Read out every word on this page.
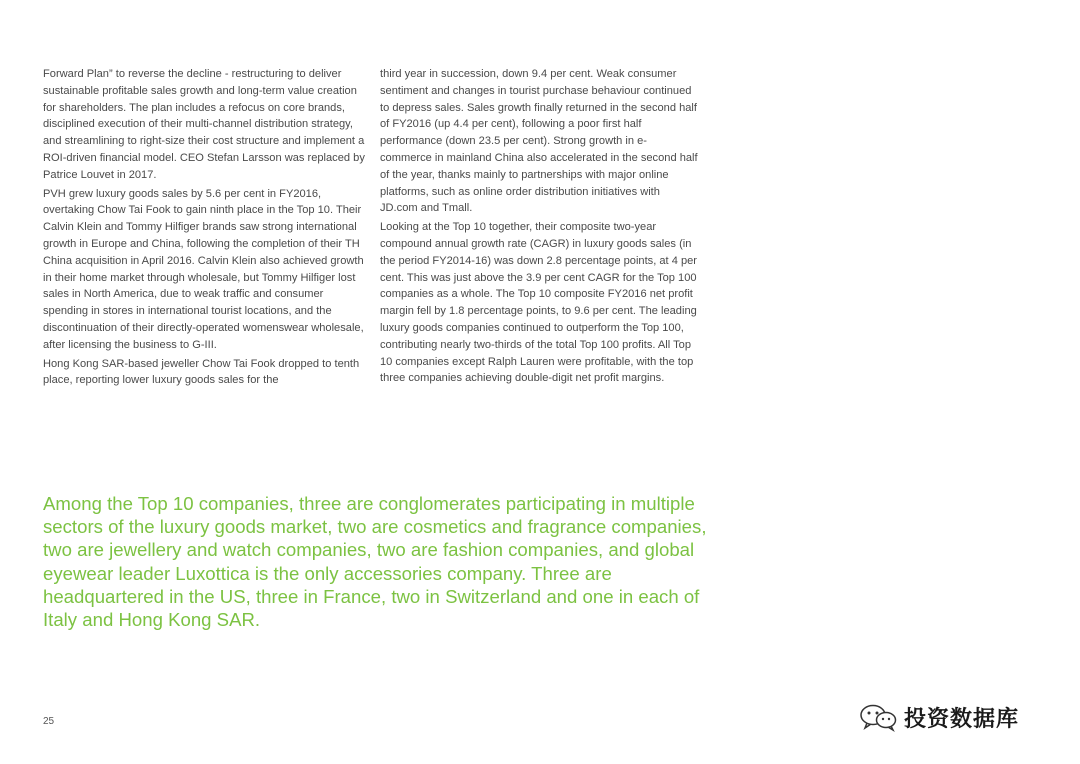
Forward Plan” to reverse the decline - restructuring to deliver sustainable profitable sales growth and long-term value creation for shareholders. The plan includes a refocus on core brands, disciplined execution of their multi-channel distribution strategy, and streamlining to right-size their cost structure and implement a ROI-driven financial model. CEO Stefan Larsson was replaced by Patrice Louvet in 2017.

PVH grew luxury goods sales by 5.6 per cent in FY2016, overtaking Chow Tai Fook to gain ninth place in the Top 10. Their Calvin Klein and Tommy Hilfiger brands saw strong international growth in Europe and China, following the completion of their TH China acquisition in April 2016. Calvin Klein also achieved growth in their home market through wholesale, but Tommy Hilfiger lost sales in North America, due to weak traffic and consumer spending in stores in international tourist locations, and the discontinuation of their directly-operated womenswear wholesale, after licensing the business to G-III.

Hong Kong SAR-based jeweller Chow Tai Fook dropped to tenth place, reporting lower luxury goods sales for the

third year in succession, down 9.4 per cent. Weak consumer sentiment and changes in tourist purchase behaviour continued to depress sales. Sales growth finally returned in the second half of FY2016 (up 4.4 per cent), following a poor first half performance (down 23.5 per cent). Strong growth in e-commerce in mainland China also accelerated in the second half of the year, thanks mainly to partnerships with major online platforms, such as online order distribution initiatives with JD.com and Tmall.

Looking at the Top 10 together, their composite two-year compound annual growth rate (CAGR) in luxury goods sales (in the period FY2014-16) was down 2.8 percentage points, at 4 per cent. This was just above the 3.9 per cent CAGR for the Top 100 companies as a whole. The Top 10 composite FY2016 net profit margin fell by 1.8 percentage points, to 9.6 per cent. The leading luxury goods companies continued to outperform the Top 100, contributing nearly two-thirds of the total Top 100 profits. All Top 10 companies except Ralph Lauren were profitable, with the top three companies achieving double-digit net profit margins.

Among the Top 10 companies, three are conglomerates participating in multiple sectors of the luxury goods market, two are cosmetics and fragrance companies, two are jewellery and watch companies, two are fashion companies, and global eyewear leader Luxottica is the only accessories company. Three are headquartered in the US, three in France, two in Switzerland and one in each of Italy and Hong Kong SAR.

25	投资数据库
